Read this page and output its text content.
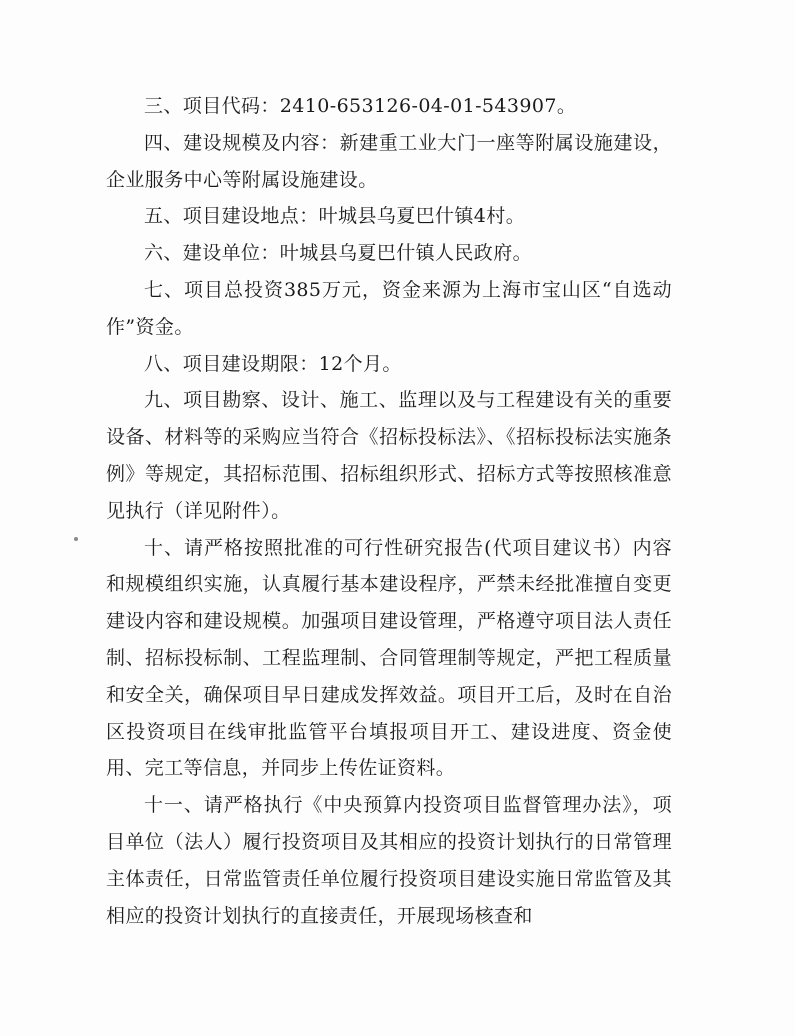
三、项目代码：2410-653126-04-01-543907。

四、建设规模及内容：新建重工业大门一座等附属设施建设，企业服务中心等附属设施建设。

五、项目建设地点：叶城县乌夏巴什镇4村。

六、建设单位：叶城县乌夏巴什镇人民政府。

七、项目总投资385万元，资金来源为上海市宝山区“自选动作”资金。

八、项目建设期限：12个月。

九、项目勘察、设计、施工、监理以及与工程建设有关的重要设备、材料等的采购应当符合《招标投标法》、《招标投标法实施条例》等规定，其招标范围、招标组织形式、招标方式等按照核准意见执行（详见附件）。

十、请严格按照批准的可行性研究报告(代项目建议书）内容和规模组织实施，认真履行基本建设程序，严禁未经批准擅自变更建设内容和建设规模。加强项目建设管理，严格遵守项目法人责任制、招标投标制、工程监理制、合同管理制等规定，严把工程质量和安全关，确保项目早日建成发挥效益。项目开工后，及时在自治区投资项目在线审批监管平台填报项目开工、建设进度、资金使用、完工等信息，并同步上传佐证资料。

十一、请严格执行《中央预算内投资项目监督管理办法》，项目单位（法人）履行投资项目及其相应的投资计划执行的日常管理主体责任，日常监管责任单位履行投资项目建设实施日常监管及其相应的投资计划执行的直接责任，开展现场核查和
